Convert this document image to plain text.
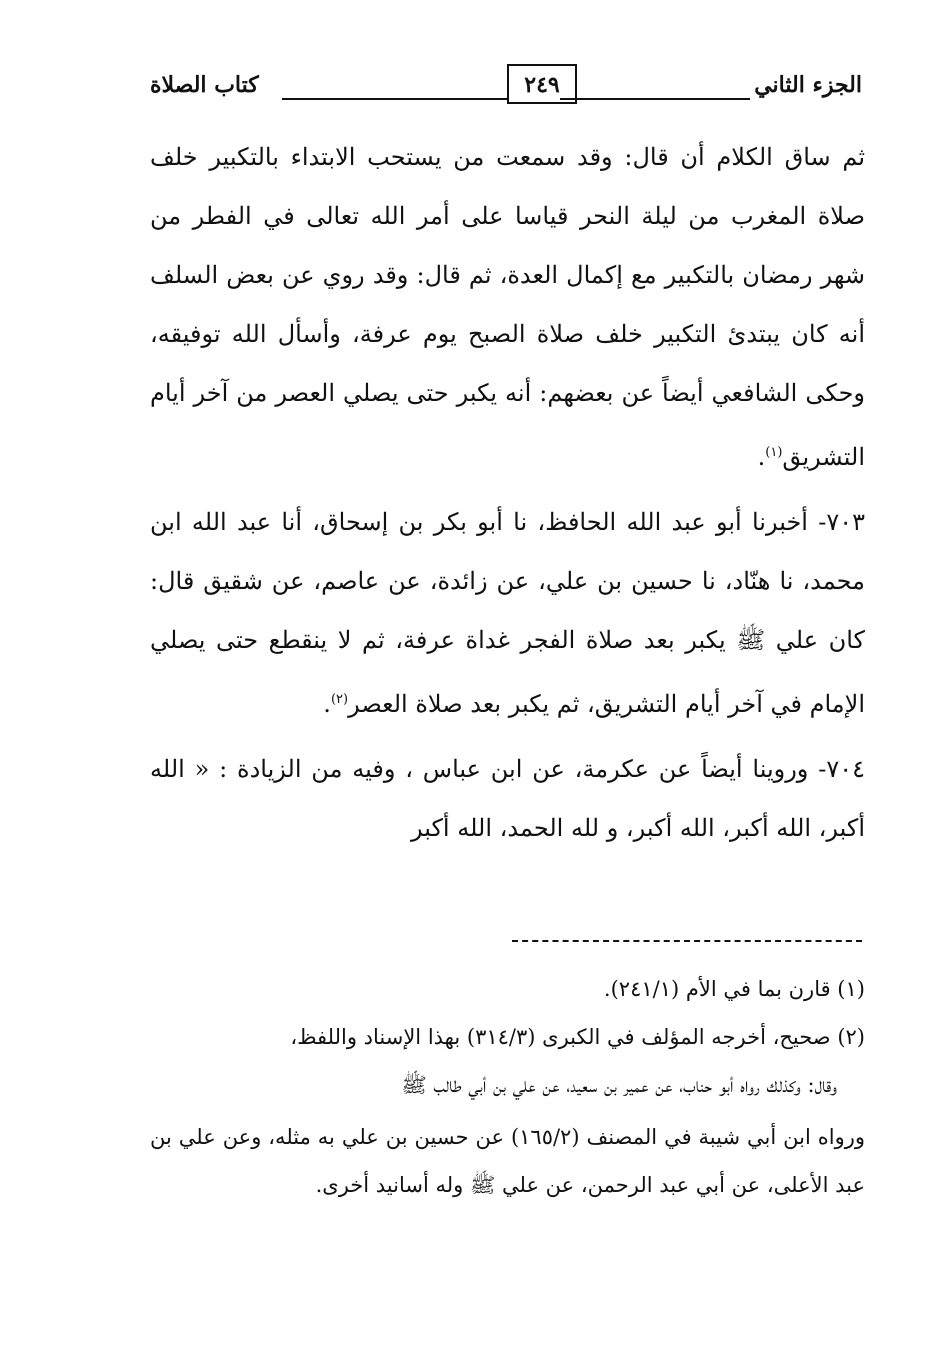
الجزء الثاني
٢٤٩
كتاب الصلاة

ثم ساق الكلام أن قال: وقد سمعت من يستحب الابتداء بالتكبير خلف صلاة المغرب من ليلة النحر قياسا على أمر الله تعالى في الفطر من شهر رمضان بالتكبير مع إكمال العدة، ثم قال: وقد روي عن بعض السلف أنه كان يبتدئ التكبير خلف صلاة الصبح يوم عرفة، وأسأل الله توفيقه، وحكى الشافعي أيضاً عن بعضهم: أنه يكبر حتى يصلي العصر من آخر أيام التشريق$^{(١)}$.

٧٠٣- أخبرنا أبو عبد الله الحافظ، نا أبو بكر بن إسحاق، أنا عبد الله ابن محمد، نا هنّاد، نا حسين بن علي، عن زائدة، عن عاصم، عن شقيق قال: كان علي ﷺ يكبر بعد صلاة الفجر غداة عرفة، ثم لا ينقطع حتى يصلي الإمام في آخر أيام التشريق، ثم يكبر بعد صلاة العصر$^{(٢)}$.

٧٠٤- وروينا أيضاً عن عكرمة، عن ابن عباس ، وفيه من الزيادة : « الله أكبر، الله أكبر، الله أكبر، و لله الحمد، الله أكبر

(١) قارن بما في الأم (٢٤١/١).

(٢) صحيح، أخرجه المؤلف في الكبرى (٣١٤/٣) بهذا الإسناد واللفظ،

وقال: وكذلك رواه أبو حناب، عن عمير بن سعيد، عن علي بن أبي طالب ﷺ

ورواه ابن أبي شيبة في المصنف (١٦٥/٢) عن حسين بن علي به مثله، وعن علي بن عبد الأعلى، عن أبي عبد الرحمن، عن علي ﷺ وله أسانيد أخرى.
